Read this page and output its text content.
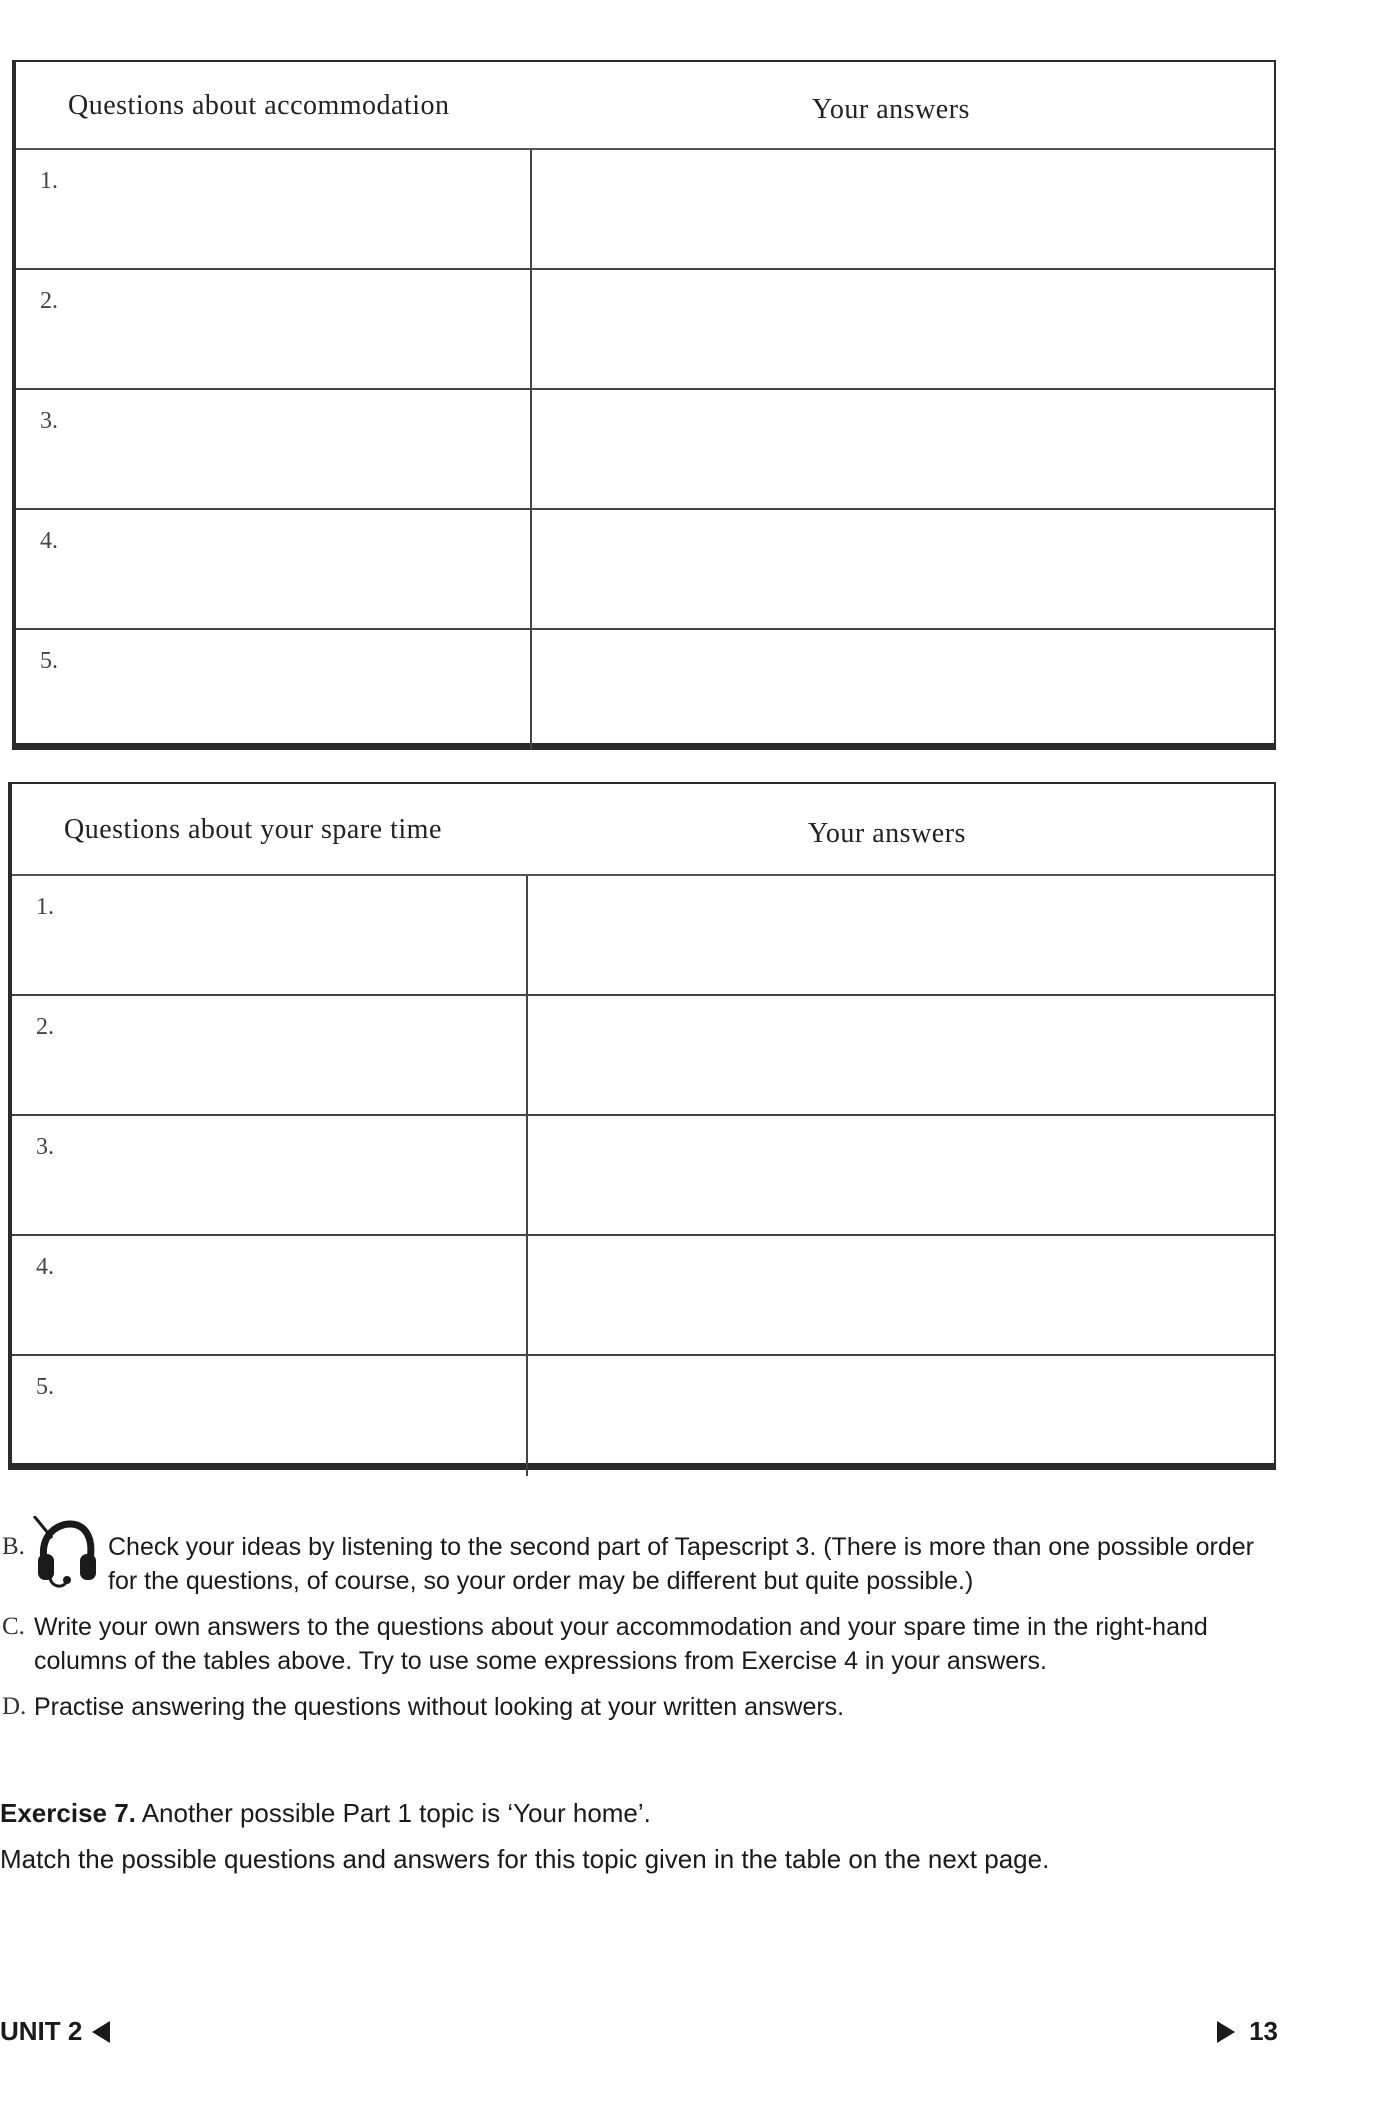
Questions about accommodation	Your answers
1.
2.
3.
4.
5.
Questions about your spare time	Your answers
1.
2.
3.
4.
5.
B.	Check your ideas by listening to the second part of Tapescript 3. (There is more than one possible order for the questions, of course, so your order may be different but quite possible.)
C. Write your own answers to the questions about your accommodation and your spare time in the right-hand columns of the tables above. Try to use some expressions from Exercise 4 in your answers.
D. Practise answering the questions without looking at your written answers.
Exercise 7. Another possible Part 1 topic is ‘Your home’.
Match the possible questions and answers for this topic given in the table on the next page.
UNIT 2	13
